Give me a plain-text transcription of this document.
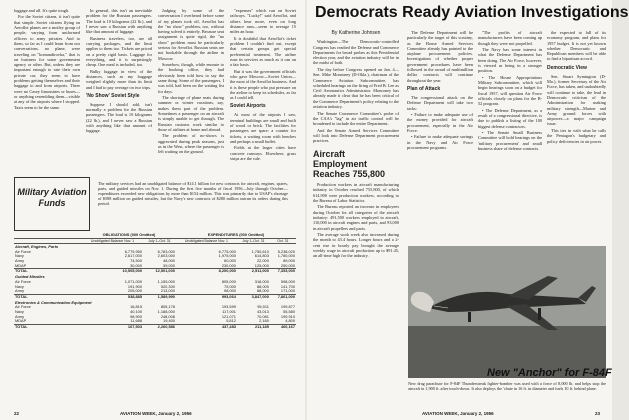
luggage and all. It's quite tough.

For the Soviet citizen, it isn't quite that simple. Soviet citizens flying on Aeroflot planes are a motley group of people, varying from uniformed officers to army privates. And to them, so far as I could learn from our conversations, no plane, were traveling on "komandirovka," that is on business for some government agency or other. But, unless they are important enough to rate their own private car, they seem to have problems getting themselves and their baggage to and from airports. There were no Casey limousines or buses—or anything resembling them—visible at any of the airports where I stopped. Taxis seem to be the same.

In general, this isn't an inevitable problem for the Russian passengers. The load is 10 kilograms (22 lb.), and I never saw a Russian with anything like that amount of luggage.

Business travelers, too, are all carrying packages, and the limit applies to them too. Tickets are priced on a pretty rigid basis. Luggage for everything, and it is surprisingly cheap. One meal is included, too.

Bulky luggage in view of the distances, such as my baggage weighed slightly more than its limit and I had to pay overage on two trips.

'No Show' Soviet Style

Suppose I should add, isn't normally a problem for the Russian passengers. The load is 10 kilograms (22 lb.), and I never saw a Russian with anything like that amount of luggage.

Judging by some of the conversation I overheard before some of my planes took off, Aeroflot has the "no show" problem, too, without having solved it entirely. Because seat assignment is quite rigid, the "no show" problem must be particularly serious for Aeroflot. Russian seats are not bookable through the airline in Moscow.

Somehow, though, while enroute to the booking office, they had obviously been told how to say the same thing. Some of the passengers, I was told, had been on the waiting list for days.

The shortage of plane seats during summer or winter vacations, say, makes them part of the problem. Sometimes a passenger on an aircraft is simply unable to get through. The Russian customs work similar to those of airlines at home and abroad.

The problem of no-shows is aggravated during peak seasons, just as in the West, where the passenger is left waiting on the ground.

"expenses" which run on Soviet railways. "Lucky!" said Aeroflot, and others hear more, even on long distance runs—seem to average 15 miles an hour.

It is doubtful that Aeroflot's ticket problem I couldn't find out, except that certain groups get special preferential treatment. The airline runs its services as much as it can on a fair basis.

But it was the government officials who gave Moscow—Soviet Union—the most of the Aeroflot business. And it is these people who put pressure on the airline to keep its schedules, as far as I could tell.

Soviet Airports

At most of the airports I saw, terminal buildings are small and built of wood or brick. The facilities for passengers are spare: a counter for tickets, a waiting room with benches and perhaps a small buffet.

Fields at the larger cities have concrete runways. Elsewhere, grass strips are the rule.

Military Aviation Funds
The military services had an unobligated balance of $14.1 billion for new contracts for aircraft, engines, spares, parts, and guided missiles on Nov. 1. During the first five months of fiscal 1956—July through October—expenditures exceeded new obligations by more than $154 million. This was primarily due to USAF's shortage of $588 million on guided missiles, but the Navy's new contracts of $280 million outrun its orders during this period.
	OBLIGATIONS (000 Omitted)		EXPENDITURES (000 Omitted)		
	Unobligated Balance Nov. 1	July 1–Oct. 31	Unobligated Balance Nov. 1	July 1–Oct. 31	Oct. 31
Aircraft, Engines, Parts					
Air Force	6,779,950	6,783,000	6,775,000	1,750,610	5,238,020
Navy	2,617,000	2,603,000	1,975,000	614,803	1,780,000
Army	74,500	48,000	60,000	22,000	89,000
MDAP	30,000	39,000	230,000	125,000	250,000
TOTAL	10,505,000	12,501,000	8,200,000	2,511,000	7,353,000
Guided Missiles					
Air Force	1,071,000	1,155,000	805,000	318,000	598,000
Navy	191,900	520,300	75,000	88,000	141,700
Army	205,000	213,000	98,000	88,000	171,000
TOTAL	538,885	1,589,990	993,064	3,847,000	7,861,000
Electronics & Communication Equipment					
Air Force	16,815	805,178	193,599	95,911	199,877
Navy	40,100	1,188,000	117,001	43,013	55,580
Army	98,900	248,008	121,071	70,081	199,910
MDAP	11,688	19,400	5,812	2,180	4,800
TOTAL	167,503	2,260,586	437,483	211,185	460,167
22	AVIATION WEEK, January 2, 1956
Democrats Ready Aviation Investigations
By Katherine Johnsen

Washington—The Democratic-controlled Congress has readied the Defense and Commerce Departments for broad probes as this Presidential election year, and the aviation industry will be in the midst of both.

The day before Congress opened on Jan. 4—Sen. Mike Monroney (D-Okla.), chairman of the Commerce Aviation Subcommittee, has scheduled hearings on the firing of Fred B. Lee as Civil Aeronautics Administrator. Monroney has already made it clear that he has been critical of the Commerce Department's policy relating to the aviation industry.

The Senate Commerce Committee's probe of the CAA's "lag" in air traffic control will be broadened to include the entire Department.

And the Senate Armed Services Committee will look into Defense Department procurement practices.

The Defense Department will be particularly the target of this scrutiny, as the House Armed Services Committee already has pointed to the airplane procurement policies. Investigations of whether proper government procedures have been followed in the award of multimillion dollar contracts will continue throughout the year.

Plan of Attack

The congressional attack on the Defense Department will take two tacks:

• Failure to make adequate use of the money provided for aircraft procurement, especially in the Air Force.

• Failure to make adequate savings in the Navy and Air Force procurement programs.

Aircraft Employment Reaches 755,800

Production workers in aircraft manufacturing industry in October reached 755,800, of which 614,900 were production workers, according to the Bureau of Labor Statistics.

The Bureau reported an increase in employees during October for all categories of the aircraft industry: 491,500 workers employed in aircraft, 110,000 in aircraft engines and parts, and 93,000 in aircraft propellers and parts.

The average work week also increased during the month to 43.4 hours. Longer hours and a 2-cent rise in hourly pay brought the average weekly wage in aircraft production up to $91.45, an all-time high for the industry.

"The profits of aircraft manufacturers have been coming up though they were not propelled.

The Navy has some interest in what the Defense Department has been doing. The Air Force, however, is viewed as being in a stronger position.

• The House Appropriations Military Subcommittee, which will begin hearings soon on a budget for fiscal 1957, will question Air Force officials closely on plans for the B-52 program.

• The Defense Department, as a result of a congressional directive, is due to publish a listing of the 100 biggest defense contractors.

• The Senate Small Business Committee will hold hearings on the 'military procurement' and small business share of defense contracts.

the expected to fall of its economy program, and plans for 1957 budget. It is not yet known whether Democratic and Republican members will be able to find a bipartisan accord.

Democratic View

Sen. Stuart Symington (D-Mo.), former Secretary of the Air Force, has taken, and undoubtedly will continue to take, the lead in Democratic criticism of the Administration for making military strength—Marine and Army ground forces with airpower—a major campaign issue.

This ties in with what he calls the Pentagon's budgetary and policy deficiencies in air power.

New "Anchor" for F-84F
New drag parachute for F-84F Thunderstreak fighter-bomber was used with a force of 8,000 lb. and helps stop the aircraft in 1,900 ft. after touch-down. It also deploys the 'chute in 16 ft. in diameter and fuels 10 ft. behind plane.
AVIATION WEEK, January 2, 1956	23
